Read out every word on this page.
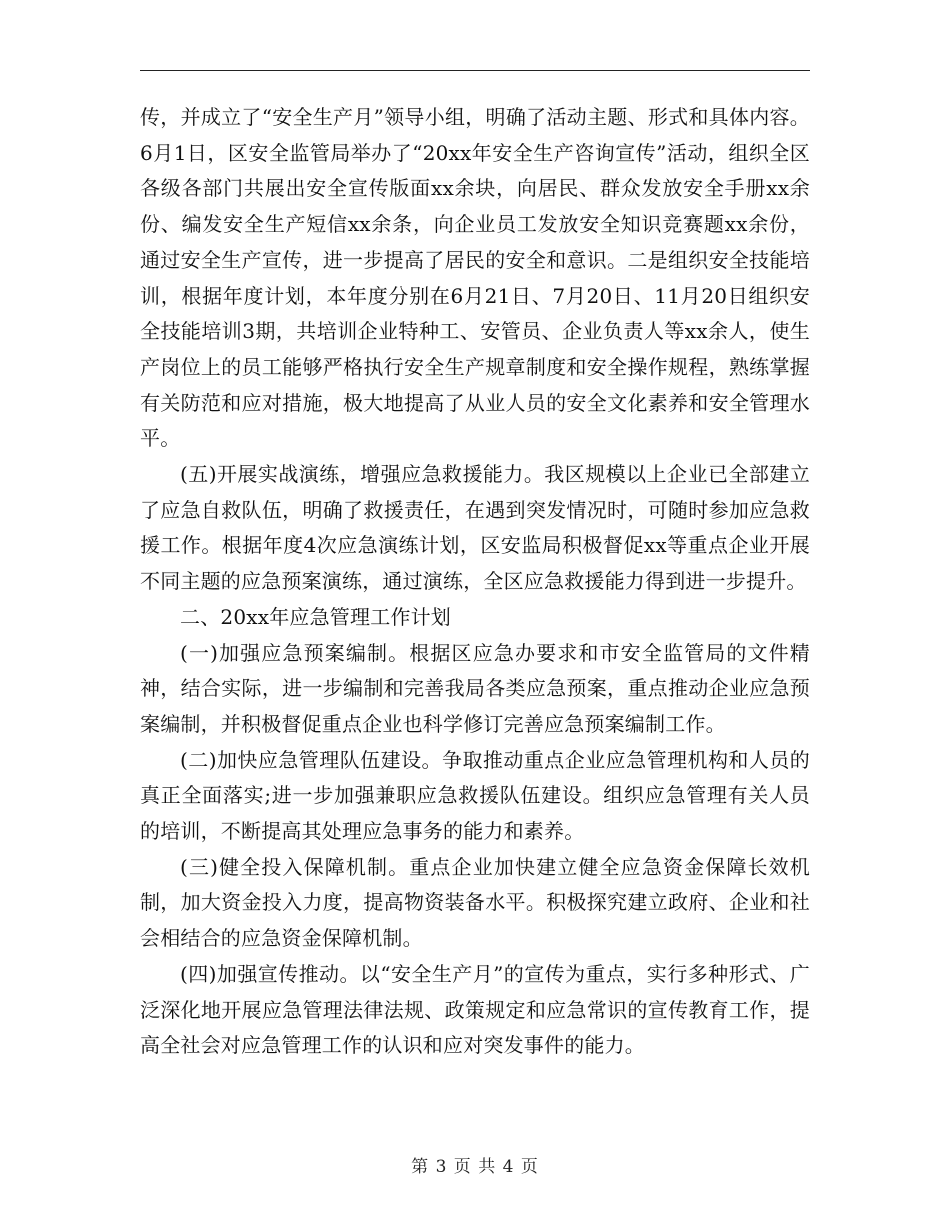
传，并成立了“安全生产月”领导小组，明确了活动主题、形式和具体内容。6月1日，区安全监管局举办了“20xx年安全生产咨询宣传”活动，组织全区各级各部门共展出安全宣传版面xx余块，向居民、群众发放安全手册xx余份、编发安全生产短信xx余条，向企业员工发放安全知识竞赛题xx余份，通过安全生产宣传，进一步提高了居民的安全和意识。二是组织安全技能培训，根据年度计划，本年度分别在6月21日、7月20日、11月20日组织安全技能培训3期，共培训企业特种工、安管员、企业负责人等xx余人，使生产岗位上的员工能够严格执行安全生产规章制度和安全操作规程，熟练掌握有关防范和应对措施，极大地提高了从业人员的安全文化素养和安全管理水平。

(五)开展实战演练，增强应急救援能力。我区规模以上企业已全部建立了应急自救队伍，明确了救援责任，在遇到突发情况时，可随时参加应急救援工作。根据年度4次应急演练计划，区安监局积极督促xx等重点企业开展不同主题的应急预案演练，通过演练，全区应急救援能力得到进一步提升。

二、20xx年应急管理工作计划

(一)加强应急预案编制。根据区应急办要求和市安全监管局的文件精神，结合实际，进一步编制和完善我局各类应急预案，重点推动企业应急预案编制，并积极督促重点企业也科学修订完善应急预案编制工作。

(二)加快应急管理队伍建设。争取推动重点企业应急管理机构和人员的真正全面落实;进一步加强兼职应急救援队伍建设。组织应急管理有关人员的培训，不断提高其处理应急事务的能力和素养。

(三)健全投入保障机制。重点企业加快建立健全应急资金保障长效机制，加大资金投入力度，提高物资装备水平。积极探究建立政府、企业和社会相结合的应急资金保障机制。

(四)加强宣传推动。以“安全生产月”的宣传为重点，实行多种形式、广泛深化地开展应急管理法律法规、政策规定和应急常识的宣传教育工作，提高全社会对应急管理工作的认识和应对突发事件的能力。

第 3 页 共 4 页
